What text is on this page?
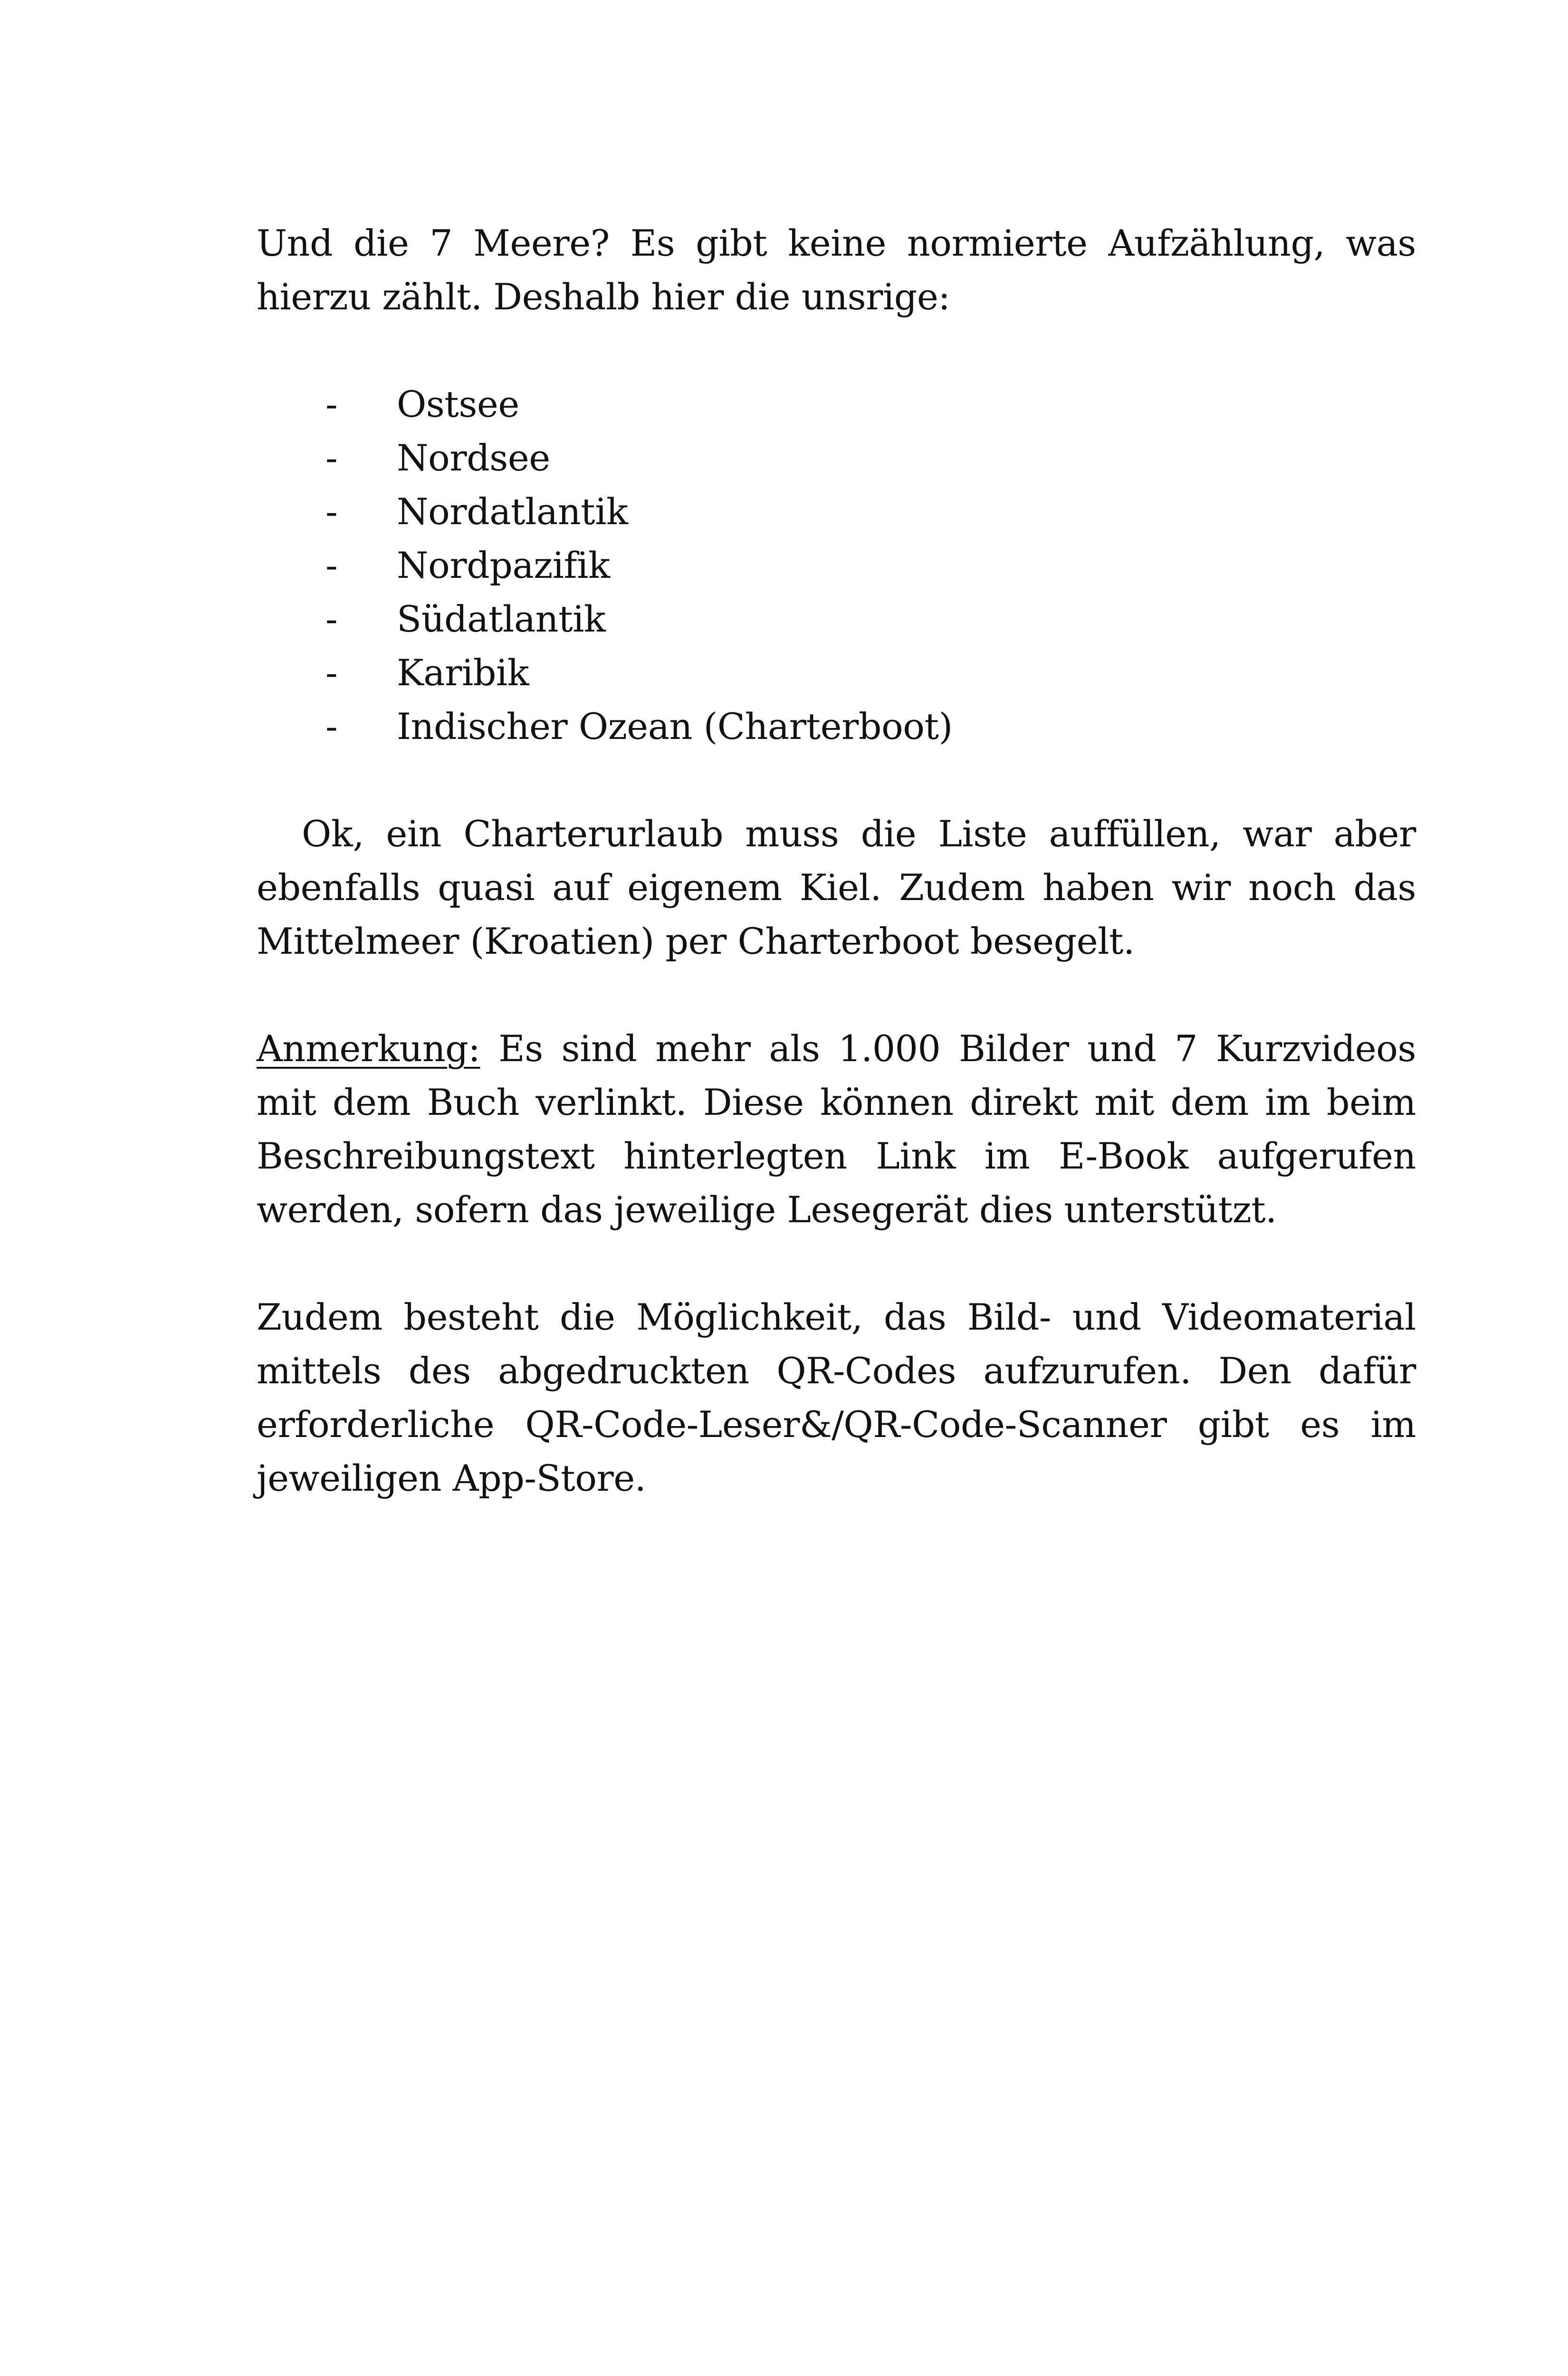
Und die 7 Meere? Es gibt keine normierte Aufzählung, was hierzu zählt. Deshalb hier die unsrige:

- Ostsee
- Nordsee
- Nordatlantik
- Nordpazifik
- Südatlantik
- Karibik
- Indischer Ozean (Charterboot)

Ok, ein Charterurlaub muss die Liste auffüllen, war aber ebenfalls quasi auf eigenem Kiel. Zudem haben wir noch das Mittelmeer (Kroatien) per Charterboot besegelt.

Anmerkung: Es sind mehr als 1.000 Bilder und 7 Kurzvideos mit dem Buch verlinkt. Diese können direkt mit dem im beim Beschreibungstext hinterlegten Link im E-Book aufgerufen werden, sofern das jeweilige Lesegerät dies unterstützt.

Zudem besteht die Möglichkeit, das Bild- und Videomaterial mittels des abgedruckten QR-Codes aufzurufen. Den dafür erforderliche QR-Code-Leser&/QR-Code-Scanner gibt es im jeweiligen App-Store.
